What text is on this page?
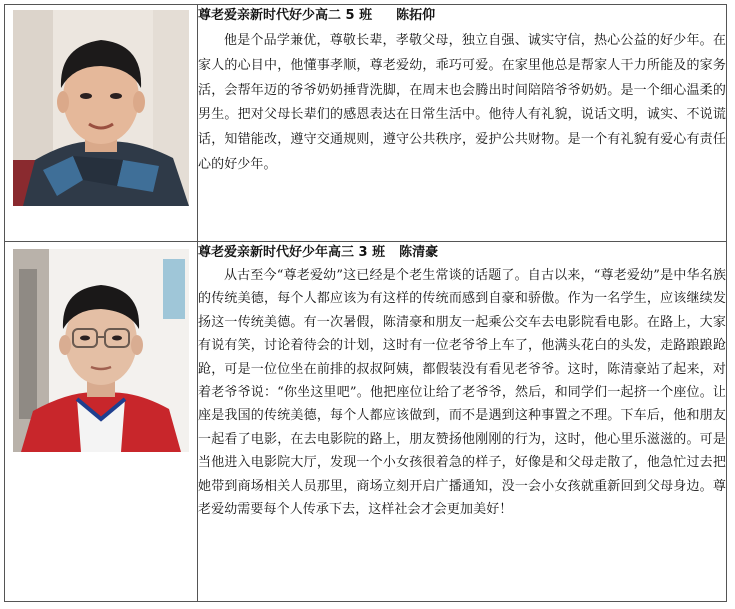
尊老爱亲新时代好少高二 5 班 陈拓仰

他是个品学兼优，尊敬长辈，孝敬父母，独立自强、诚实守信，热心公益的好少年。在家人的心目中，他懂事孝顺，尊老爱幼，乖巧可爱。在家里他总是帮家人干力所能及的家务活，会帮年迈的爷爷奶奶捶背洗脚，在周末也会腾出时间陪陪爷爷奶奶。是一个细心温柔的男生。把对父母长辈们的感恩表达在日常生活中。他待人有礼貌，说话文明，诚实、不说谎话，知错能改，遵守交通规则，遵守公共秩序，爱护公共财物。是一个有礼貌有爱心有责任心的好少年。

尊老爱亲新时代好少年高三 3 班 陈清豪

从古至今“尊老爱幼”这已经是个老生常谈的话题了。自古以来，“尊老爱幼”是中华名族的传统美德，每个人都应该为有这样的传统而感到自豪和骄傲。作为一名学生，应该继续发扬这一传统美德。有一次暑假，陈清豪和朋友一起乘公交车去电影院看电影。在路上，大家有说有笑，讨论着待会的计划，这时有一位老爷爷上车了，他满头花白的头发，走路踉踉跄跄，可是一位位坐在前排的叔叔阿姨，都假装没有看见老爷爷。这时，陈清豪站了起来，对着老爷爷说：“你坐这里吧”。他把座位让给了老爷爷，然后，和同学们一起挤一个座位。让座是我国的传统美德，每个人都应该做到，而不是遇到这种事置之不理。下车后，他和朋友一起看了电影，在去电影院的路上，朋友赞扬他刚刚的行为，这时，他心里乐滋滋的。可是当他进入电影院大厅，发现一个小女孩很着急的样子，好像是和父母走散了，他急忙过去把她带到商场相关人员那里，商场立刻开启广播通知，没一会小女孩就重新回到父母身边。尊老爱幼需要每个人传承下去，这样社会才会更加美好！
